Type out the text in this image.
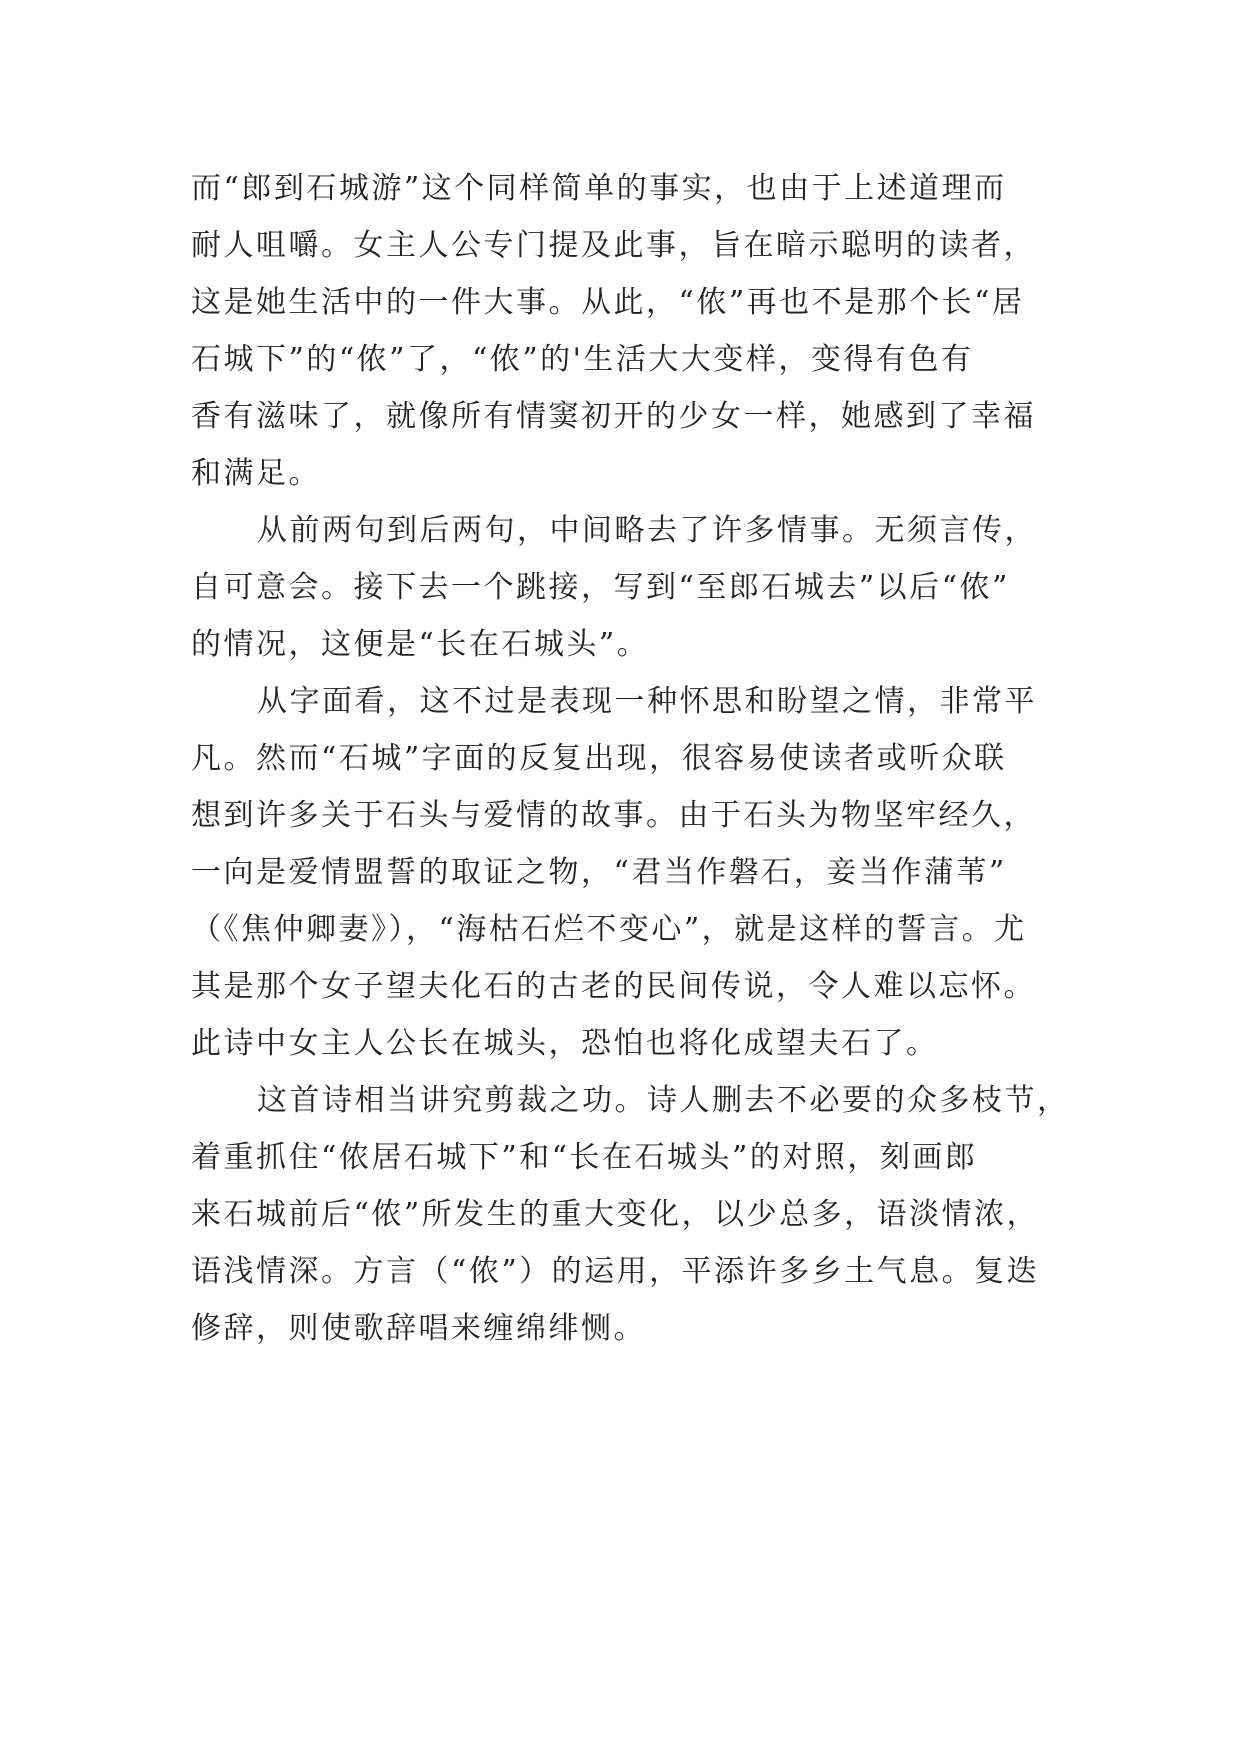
而“郎到石城游”这个同样简单的事实，也由于上述道理而
耐人咀嚼。女主人公专门提及此事，旨在暗示聪明的读者，
这是她生活中的一件大事。从此，“侬”再也不是那个长“居
石城下”的“侬”了，“侬”的'生活大大变样，变得有色有
香有滋味了，就像所有情窦初开的少女一样，她感到了幸福
和满足。
从前两句到后两句，中间略去了许多情事。无须言传，
自可意会。接下去一个跳接，写到“至郎石城去”以后“侬”
的情况，这便是“长在石城头”。
从字面看，这不过是表现一种怀思和盼望之情，非常平
凡。然而“石城”字面的反复出现，很容易使读者或听众联
想到许多关于石头与爱情的故事。由于石头为物坚牢经久，
一向是爱情盟誓的取证之物，“君当作磐石，妾当作蒲苇”
（《焦仲卿妻》），“海枯石烂不变心”，就是这样的誓言。尤
其是那个女子望夫化石的古老的民间传说，令人难以忘怀。
此诗中女主人公长在城头，恐怕也将化成望夫石了。
这首诗相当讲究剪裁之功。诗人删去不必要的众多枝节，
着重抓住“侬居石城下”和“长在石城头”的对照，刻画郎
来石城前后“侬”所发生的重大变化，以少总多，语淡情浓，
语浅情深。方言（“侬”）的运用，平添许多乡土气息。复迭
修辞，则使歌辞唱来缠绵绯恻。
